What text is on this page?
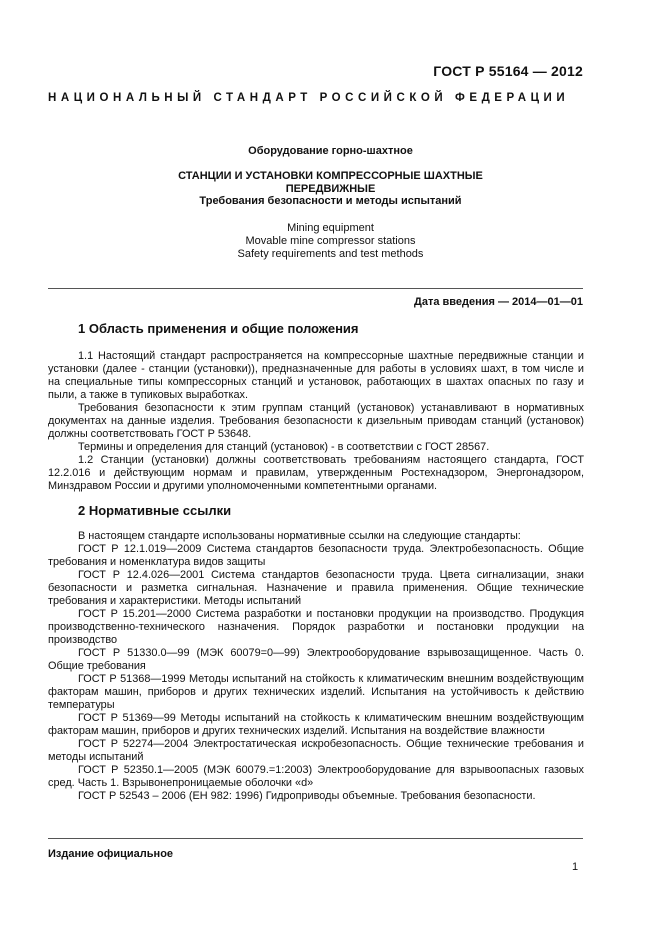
ГОСТ Р 55164 — 2012
НАЦИОНАЛЬНЫЙ СТАНДАРТ РОССИЙСКОЙ ФЕДЕРАЦИИ
Оборудование горно-шахтное
СТАНЦИИ И УСТАНОВКИ КОМПРЕССОРНЫЕ ШАХТНЫЕ
ПЕРЕДВИЖНЫЕ
Требования безопасности и методы испытаний
Mining equipment
Movable mine compressor stations
Safety requirements and test methods
Дата введения — 2014—01—01
1 Область применения и общие положения

1.1 Настоящий стандарт распространяется на компрессорные шахтные передвижные станции и установки (далее - станции (установки)), предназначенные для работы в условиях шахт, в том числе и на специальные типы компрессорных станций и установок, работающих в шахтах опасных по газу и пыли, а также в тупиковых выработках.

Требования безопасности к этим группам станций (установок) устанавливают в нормативных документах на данные изделия. Требования безопасности к дизельным приводам станций (установок) должны соответствовать ГОСТ Р 53648.

Термины и определения для станций (установок) - в соответствии с ГОСТ 28567.

1.2 Станции (установки) должны соответствовать требованиям настоящего стандарта, ГОСТ 12.2.016 и действующим нормам и правилам, утвержденным Ростехнадзором, Энергонадзором, Минздравом России и другими уполномоченными компетентными органами.

2 Нормативные ссылки

В настоящем стандарте использованы нормативные ссылки на следующие стандарты:

ГОСТ Р 12.1.019—2009 Система стандартов безопасности труда. Электробезопасность. Общие требования и номенклатура видов защиты

ГОСТ Р 12.4.026—2001 Система стандартов безопасности труда. Цвета сигнализации, знаки безопасности и разметка сигнальная. Назначение и правила применения. Общие технические требования и характеристики. Методы испытаний

ГОСТ Р 15.201—2000 Система разработки и постановки продукции на производство. Продукция производственно-технического назначения. Порядок разработки и постановки продукции на производство

ГОСТ Р 51330.0—99 (МЭК 60079=0—99) Электрооборудование взрывозащищенное. Часть 0. Общие требования

ГОСТ Р 51368—1999 Методы испытаний на стойкость к климатическим внешним воздействующим факторам машин, приборов и других технических изделий. Испытания на устойчивость к действию температуры

ГОСТ Р 51369—99 Методы испытаний на стойкость к климатическим внешним воздействующим факторам машин, приборов и других технических изделий. Испытания на воздействие влажности

ГОСТ Р 52274—2004 Электростатическая искробезопасность. Общие технические требования и методы испытаний

ГОСТ Р 52350.1—2005 (МЭК 60079.=1:2003) Электрооборудование для взрывоопасных газовых сред. Часть 1. Взрывонепроницаемые оболочки «d»

ГОСТ Р 52543 – 2006 (ЕН 982: 1996) Гидроприводы объемные. Требования безопасности.

Издание официальное
1
